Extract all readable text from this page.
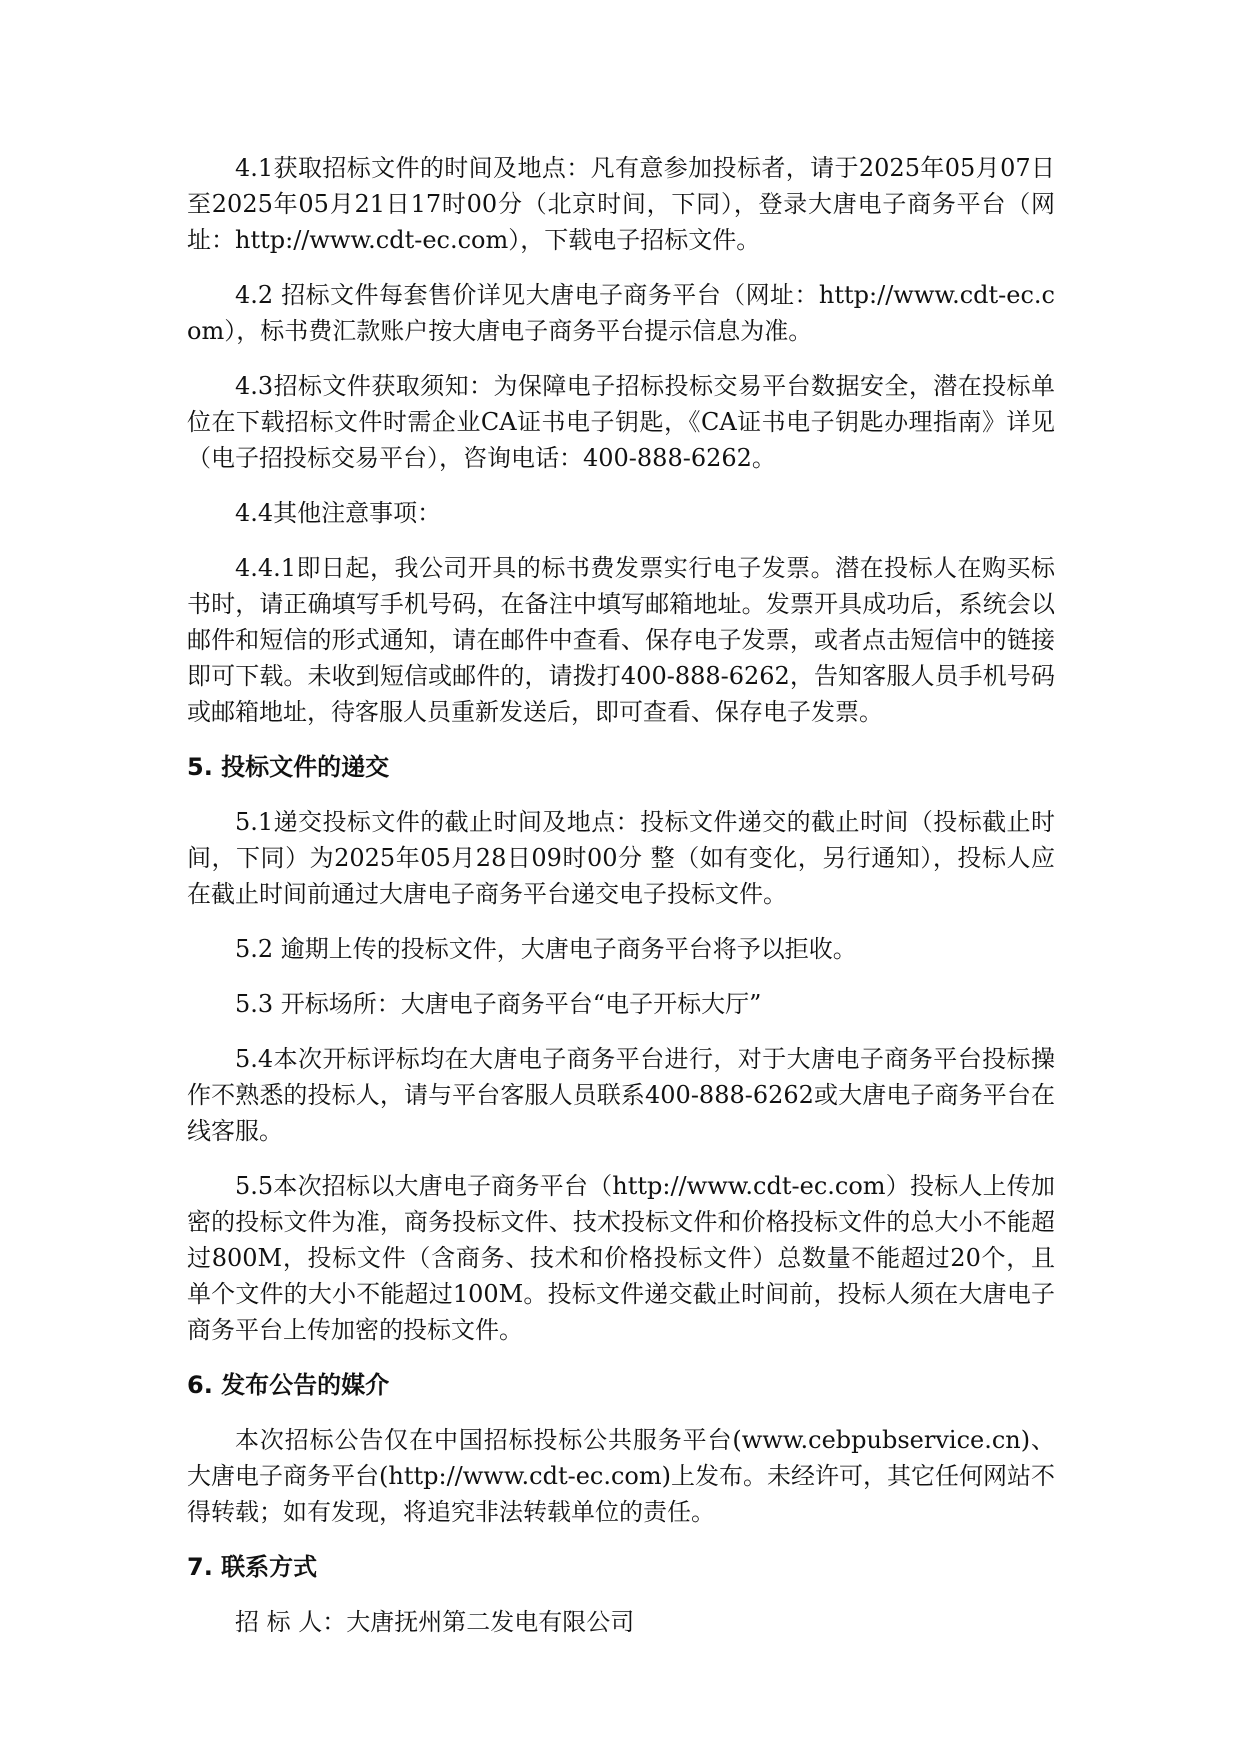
4.1获取招标文件的时间及地点：凡有意参加投标者，请于2025年05月07日至2025年05月21日17时00分（北京时间，下同），登录大唐电子商务平台（网址：http://www.cdt-ec.com），下载电子招标文件。

4.2 招标文件每套售价详见大唐电子商务平台（网址：http://www.cdt-ec.com），标书费汇款账户按大唐电子商务平台提示信息为准。

4.3招标文件获取须知：为保障电子招标投标交易平台数据安全，潜在投标单位在下载招标文件时需企业CA证书电子钥匙，《CA证书电子钥匙办理指南》详见（电子招投标交易平台），咨询电话：400-888-6262。

4.4其他注意事项：

4.4.1即日起，我公司开具的标书费发票实行电子发票。潜在投标人在购买标书时，请正确填写手机号码，在备注中填写邮箱地址。发票开具成功后，系统会以邮件和短信的形式通知，请在邮件中查看、保存电子发票，或者点击短信中的链接即可下载。未收到短信或邮件的，请拨打400-888-6262，告知客服人员手机号码或邮箱地址，待客服人员重新发送后，即可查看、保存电子发票。

5. 投标文件的递交

5.1递交投标文件的截止时间及地点：投标文件递交的截止时间（投标截止时间，下同）为2025年05月28日09时00分 整（如有变化，另行通知），投标人应在截止时间前通过大唐电子商务平台递交电子投标文件。

5.2 逾期上传的投标文件，大唐电子商务平台将予以拒收。

5.3 开标场所：大唐电子商务平台“电子开标大厅”

5.4本次开标评标均在大唐电子商务平台进行，对于大唐电子商务平台投标操作不熟悉的投标人，请与平台客服人员联系400-888-6262或大唐电子商务平台在线客服。

5.5本次招标以大唐电子商务平台（http://www.cdt-ec.com）投标人上传加密的投标文件为准，商务投标文件、技术投标文件和价格投标文件的总大小不能超过800M，投标文件（含商务、技术和价格投标文件）总数量不能超过20个，且单个文件的大小不能超过100M。投标文件递交截止时间前，投标人须在大唐电子商务平台上传加密的投标文件。

6. 发布公告的媒介

本次招标公告仅在中国招标投标公共服务平台(www.cebpubservice.cn)、大唐电子商务平台(http://www.cdt-ec.com)上发布。未经许可，其它任何网站不得转载；如有发现，将追究非法转载单位的责任。

7. 联系方式

招 标 人：大唐抚州第二发电有限公司
